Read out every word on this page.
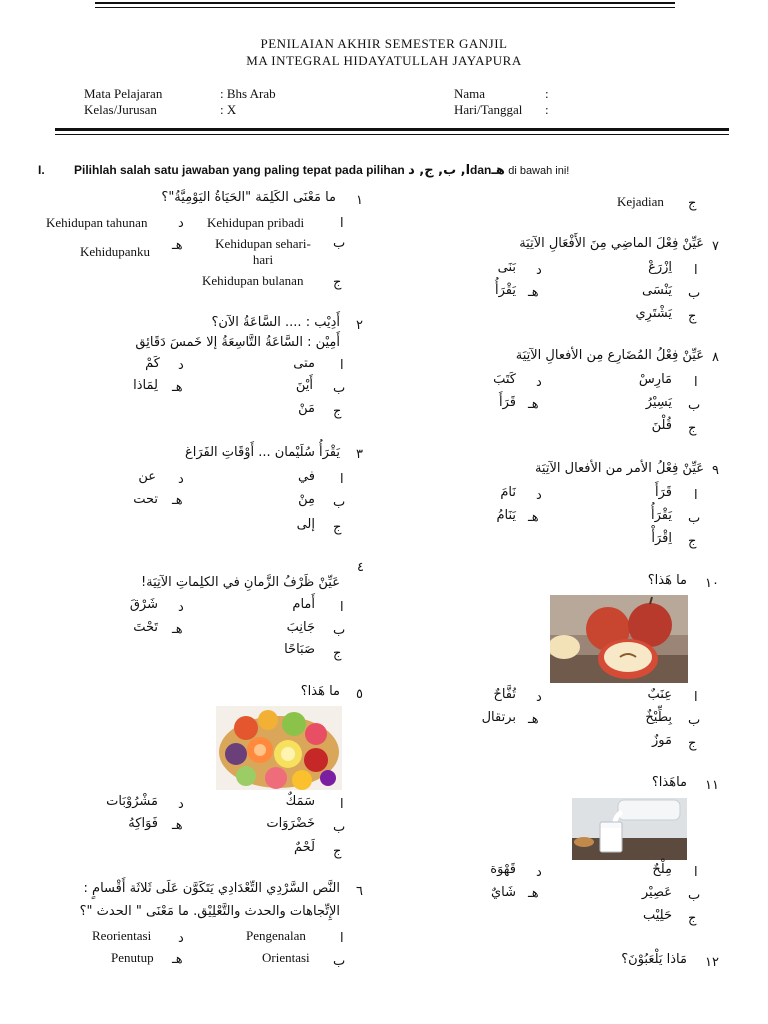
PENILAIAN AKHIR SEMESTER GANJIL
MA INTEGRAL HIDAYATULLAH JAYAPURA
Mata Pelajaran	: Bhs Arab
Kelas/Jurusan	: X
Nama	:
Hari/Tanggal :
I. Pilihlah salah satu jawaban yang paling tepat pada pilihan ا, ب, ج, دdanهـ di bawah ini!
١
ما مَعْنَى الكَلِمَة "الحَيَاةُ اليَوْمِيَّةُ"؟
ا
Kehidupan pribadi
ب
Kehidupan sehari-
hari
ج
Kehidupan bulanan
د
Kehidupan tahunan
هـ
Kehidupanku
٢
أَدِيْب : .... السَّاعَةُ الآن؟
أَمِيْن : السَّاعَةُ التَّاسِعَةُ إلا خَمسَ دَقَائِق
ا
متى
ب
أَيْنَ
ج
مَنْ
د
كَمْ
هـ
لِمَاذا
٣
يَقْرَأُ سُلَيْمان ... أَوْقَاتِ الفَرَاغ
ا
في
ب
مِنْ
ج
إلى
د
عن
هـ
تحت
٤
عَيِّنْ ظَرْفُ الزَّمانِ في الكلِماتِ الآتِيَة!
ا
أَمام
ب
جَانِبَ
ج
صَبَاحًا
د
شَرْقَ
هـ
تَحْتَ
٥
ما هَذا؟
ا
سَمَكٌ
ب
خَضْرَوَات
ج
لَحْمٌ
د
مَشْرُوْبَات
هـ
فَوَاكِهُ
٦
النَّص السَّرْدِي التِّعْدَادِي يَتَكَوَّن عَلَى ثَلاثَة أَقْسامٍ :
الإِتِّجاهات والحدث والتَّعْلِيْق. ما مَعْنَى " الحدث "؟
ا
Pengenalan
ب
Orientasi
د
Reorientasi
هـ
Penutup
Kejadian ج
٧
عَيِّنْ فِعْلَ الماضِي مِنَ الأَفْعَالِ الآتِيَة
ا
اِزْرَعْ
ب
يَنْسَى
ج
يَشْتَرِي
د
بَنَى
هـ
يَقْرَأُ
٨
عَيِّنْ فِعْلُ المُضَارِع مِن الأفعالِ الآتِيَة
ا
مَارِسْ
ب
يَسِيْرُ
ج
قُلْنَ
د
كَتَبَ
هـ
قَرَأَ
٩
عَيِّنْ فِعْلُ الأمر من الأفعال الآتِيَة
ا
قَرَأَ
ب
يَقْرَأُ
ج
اِقْرَأْ
د
نَامَ
هـ
يَنَامُ
١٠
ما هَذا؟
ا
عِنَبٌ
ب
بِطِّيْخٌ
ج
مَوزٌ
د
تُفَّاحٌ
هـ
برتقال
١١
ماهَذا؟
ا
مِلْحٌ
ب
عَصِيْر
ج
حَلِيْب
د
قَهْوَة
هـ
شَايٌ
١٢
مَاذا يَلْعَبُوْنَ؟
